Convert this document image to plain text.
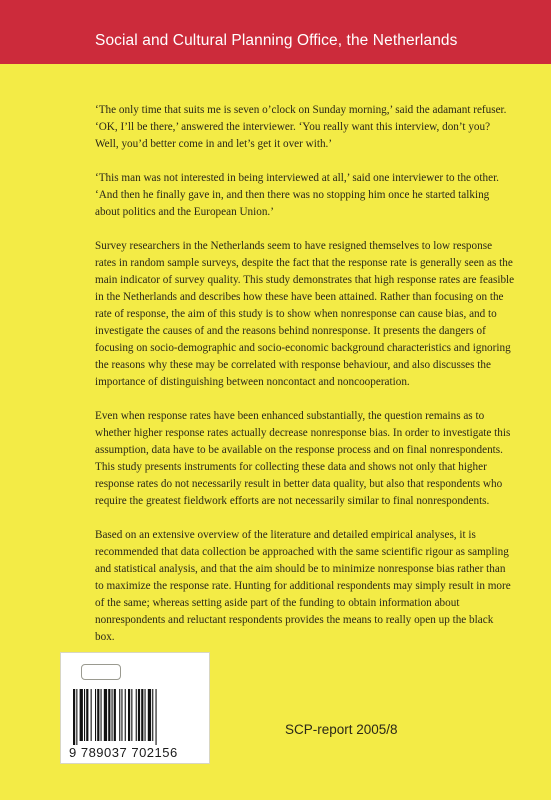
Social and Cultural Planning Office, the Netherlands

‘The only time that suits me is seven o’clock on Sunday morning,’ said the adamant refuser. ‘OK, I’ll be there,’ answered the interviewer. ‘You really want this interview, don’t you? Well, you’d better come in and let’s get it over with.’

‘This man was not interested in being interviewed at all,’ said one interviewer to the other. ‘And then he finally gave in, and then there was no stopping him once he started talking about politics and the European Union.’

Survey researchers in the Netherlands seem to have resigned themselves to low response rates in random sample surveys, despite the fact that the response rate is generally seen as the main indicator of survey quality. This study demonstrates that high response rates are feasible in the Netherlands and describes how these have been attained. Rather than focusing on the rate of response, the aim of this study is to show when nonresponse can cause bias, and to investigate the causes of and the reasons behind nonresponse. It presents the dangers of focusing on socio-demographic and socio-economic background characteristics and ignoring the reasons why these may be correlated with response behaviour, and also discusses the importance of distinguishing between noncontact and noncooperation.

Even when response rates have been enhanced substantially, the question remains as to whether higher response rates actually decrease nonresponse bias. In order to investigate this assumption, data have to be available on the response process and on final nonrespondents. This study presents instruments for collecting these data and shows not only that higher response rates do not necessarily result in better data quality, but also that respondents who require the greatest fieldwork efforts are not necessarily similar to final nonrespondents.

Based on an extensive overview of the literature and detailed empirical analyses, it is recommended that data collection be approached with the same scientific rigour as sampling and statistical analysis, and that the aim should be to minimize nonresponse bias rather than to maximize the response rate. Hunting for additional respondents may simply result in more of the same; whereas setting aside part of the funding to obtain information about nonrespondents and reluctant respondents provides the means to really open up the black box.

9 789037 702156
SCP-report 2005/8
